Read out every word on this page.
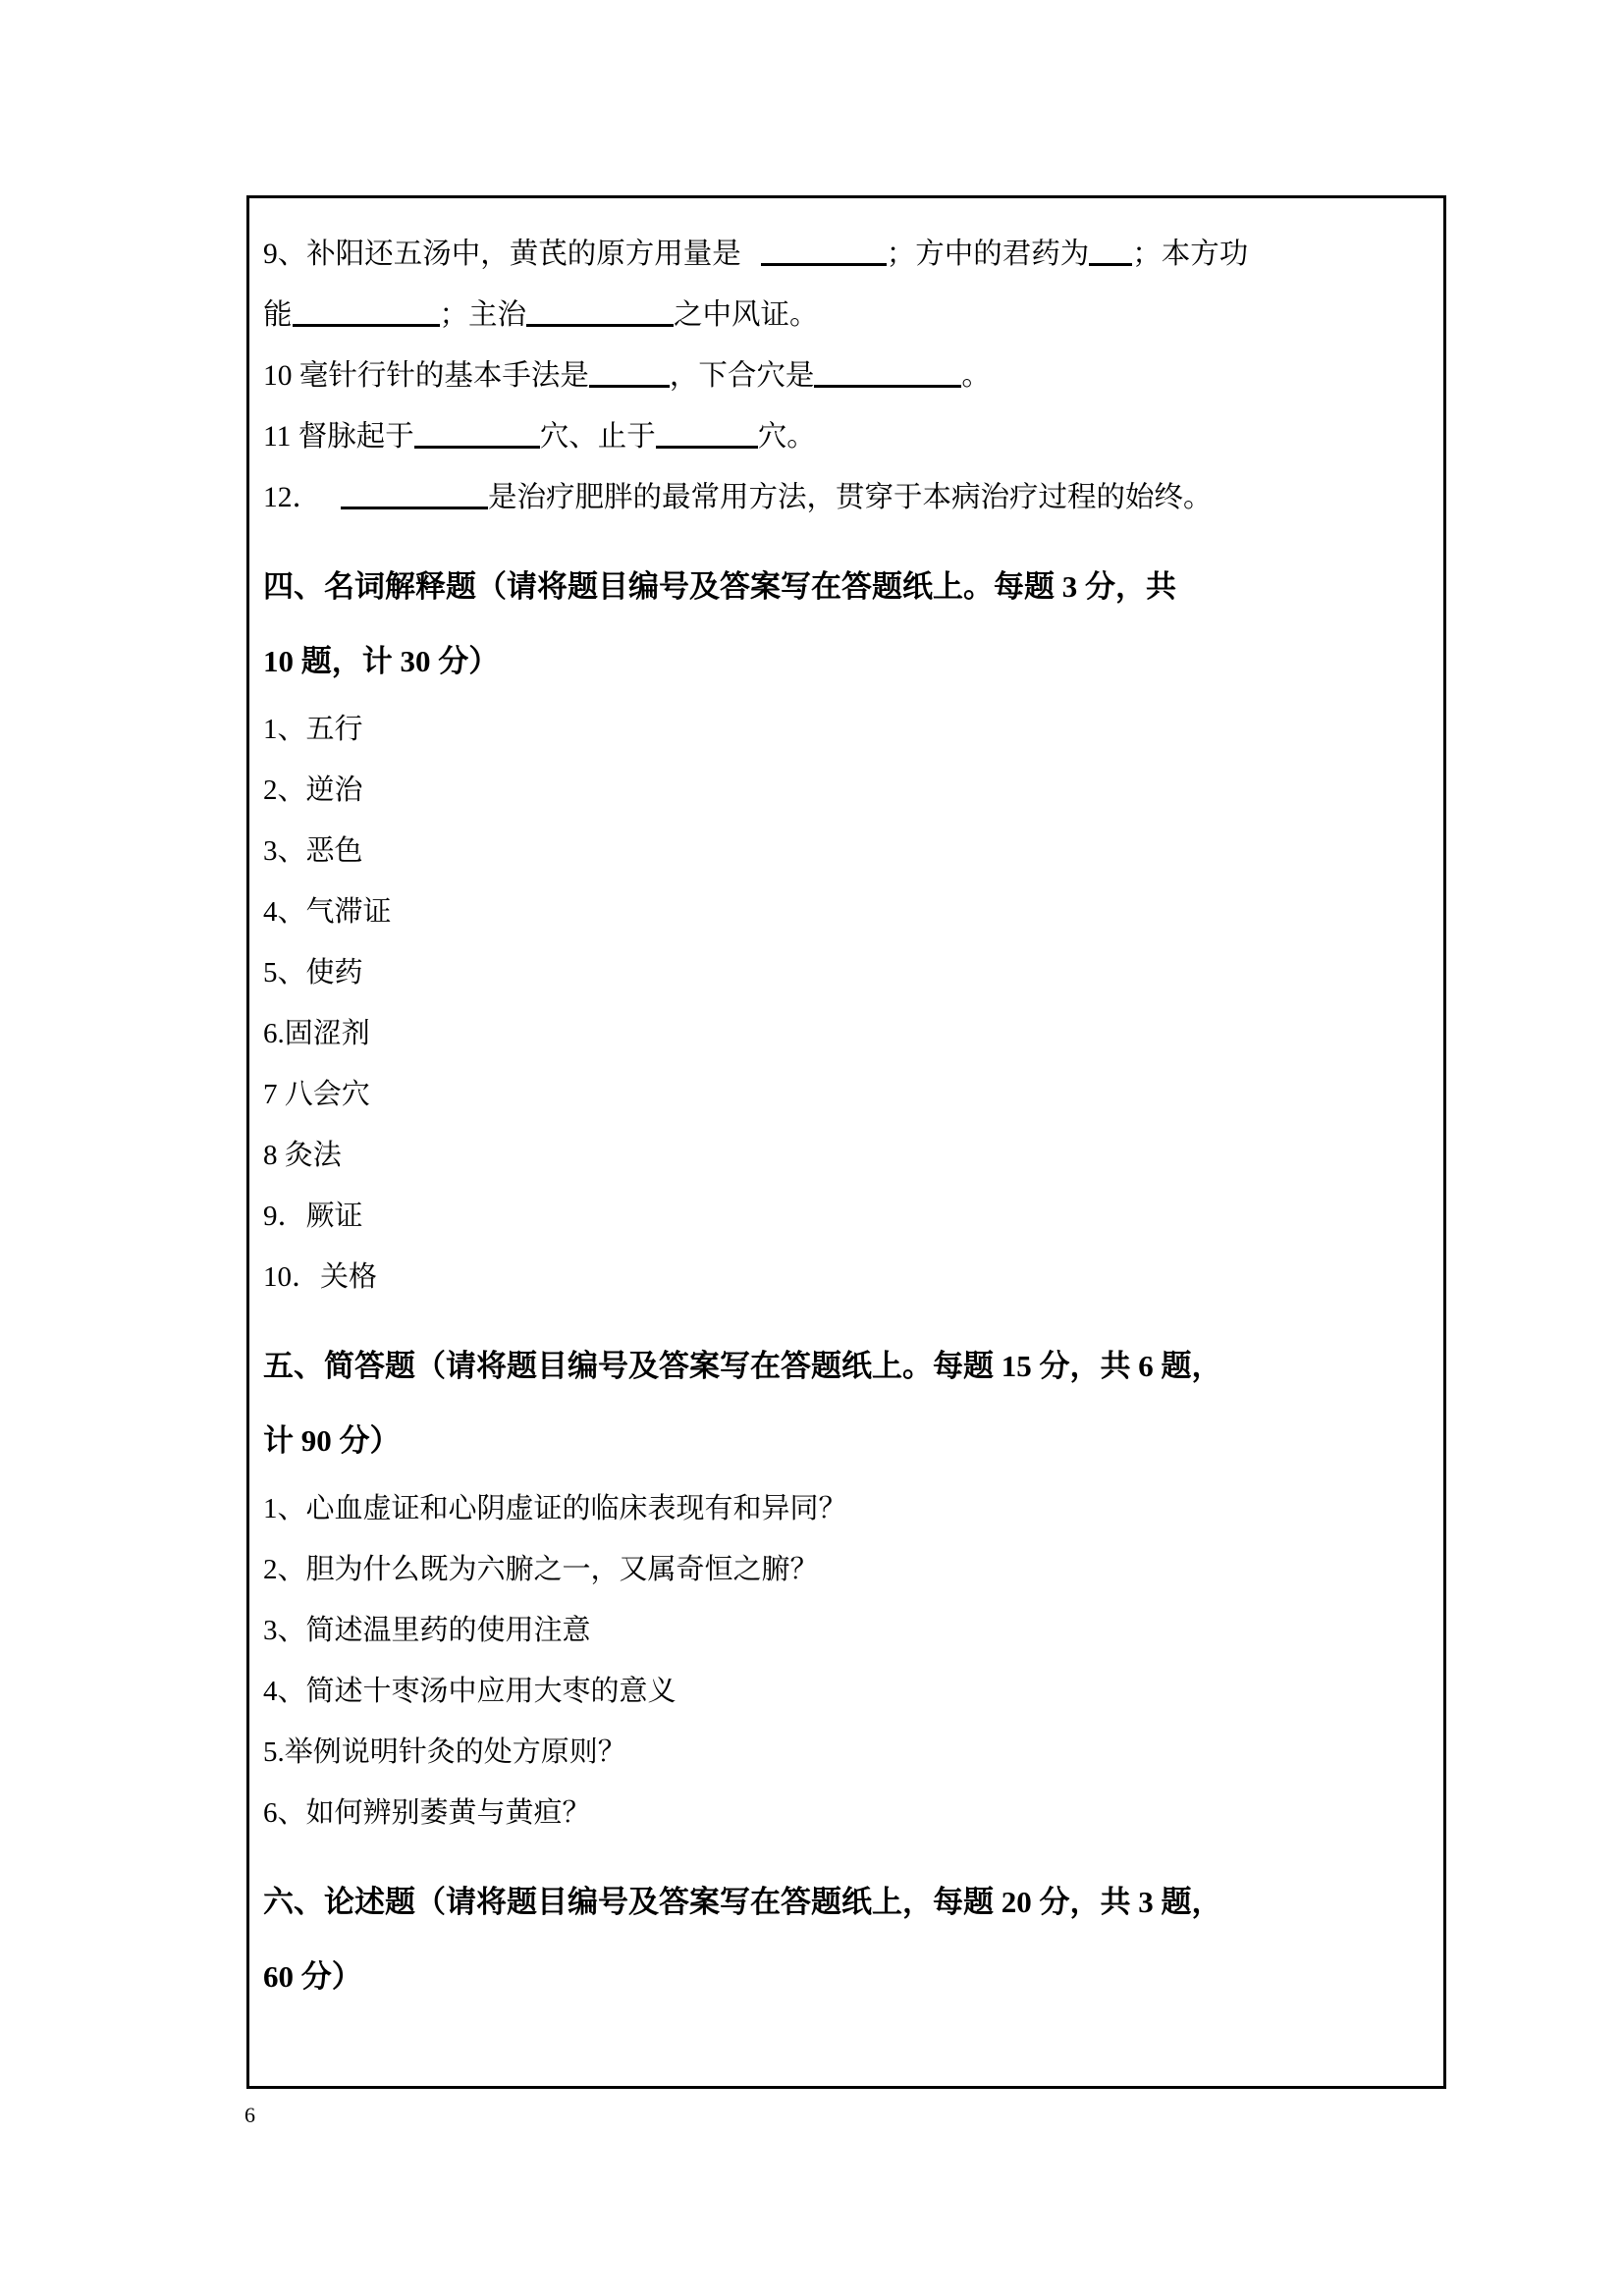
9、补阳还五汤中，黄芪的原方用量是	；方中的君药为 ；本方功
能	；主治	之中风证。
10 毫针行针的基本手法是	，下合穴是	。
11 督脉起于	穴、止于	穴。
12．	是治疗肥胖的最常用方法，贯穿于本病治疗过程的始终。
四、名词解释题（请将题目编号及答案写在答题纸上。每题 3 分，共
10 题，计 30 分）
1、五行
2、逆治
3、恶色
4、气滞证
5、使药
6.固涩剂
7 八会穴
8 灸法
9．厥证
10．关格
五、简答题（请将题目编号及答案写在答题纸上。每题 15 分，共 6 题，
计 90 分）
1、心血虚证和心阴虚证的临床表现有和异同？
2、胆为什么既为六腑之一，又属奇恒之腑？
3、简述温里药的使用注意
4、简述十枣汤中应用大枣的意义
5.举例说明针灸的处方原则？
6、如何辨别萎黄与黄疸？
六、论述题（请将题目编号及答案写在答题纸上，每题 20 分，共 3 题，
60 分）
6
